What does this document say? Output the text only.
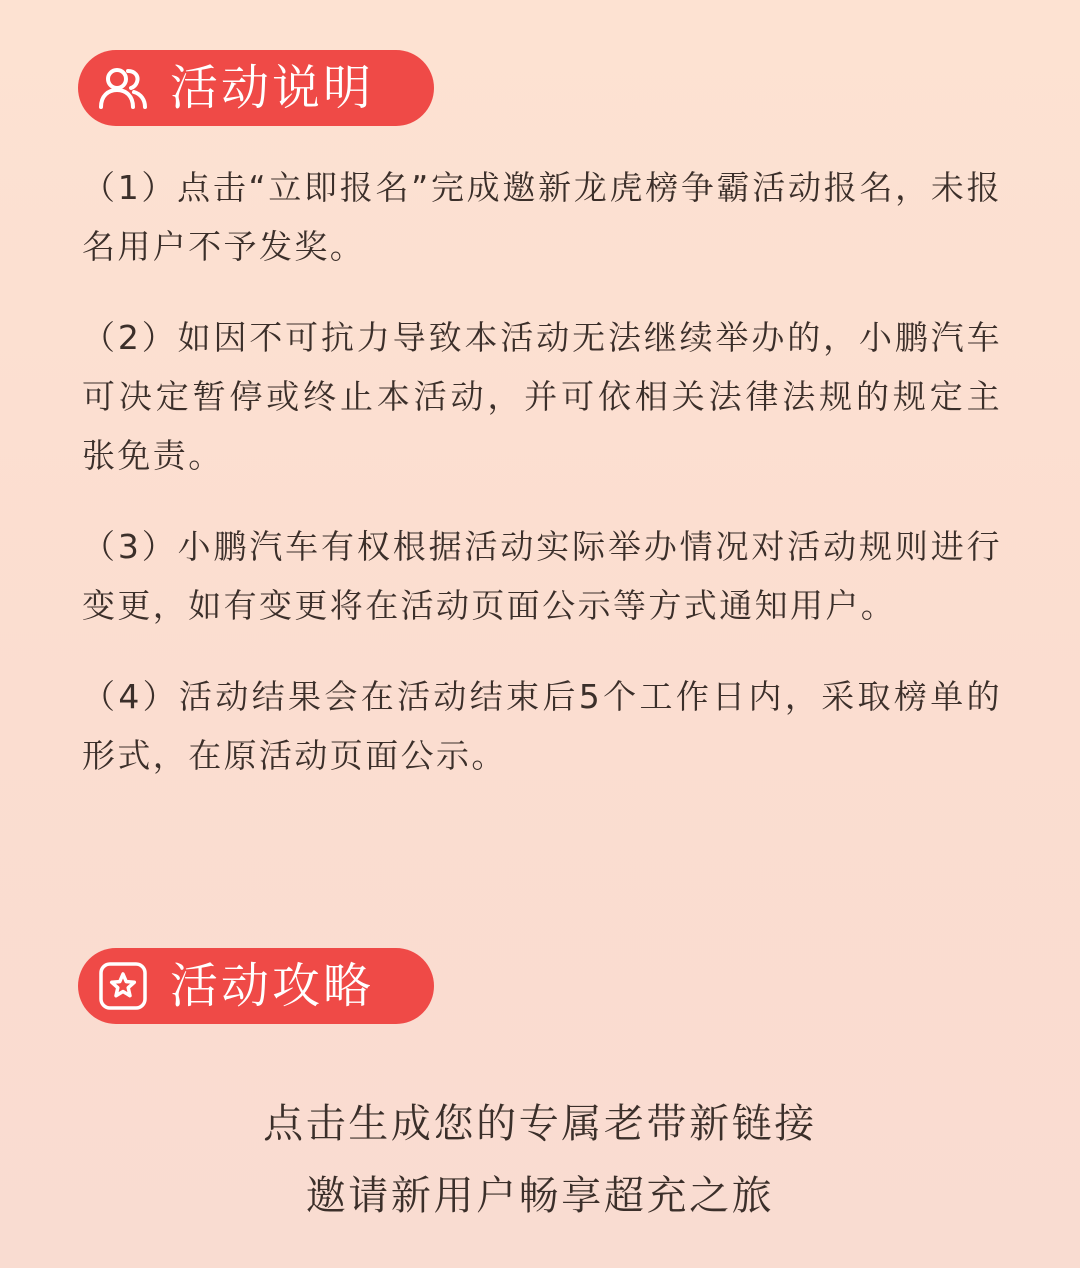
活动说明

（1）点击“立即报名”完成邀新龙虎榜争霸活动报名，未报名用户不予发奖。

（2）如因不可抗力导致本活动无法继续举办的，小鹏汽车可决定暂停或终止本活动，并可依相关法律法规的规定主张免责。

（3）小鹏汽车有权根据活动实际举办情况对活动规则进行变更，如有变更将在活动页面公示等方式通知用户。

（4）活动结果会在活动结束后5个工作日内，采取榜单的形式，在原活动页面公示。

活动攻略
点击生成您的专属老带新链接
邀请新用户畅享超充之旅
